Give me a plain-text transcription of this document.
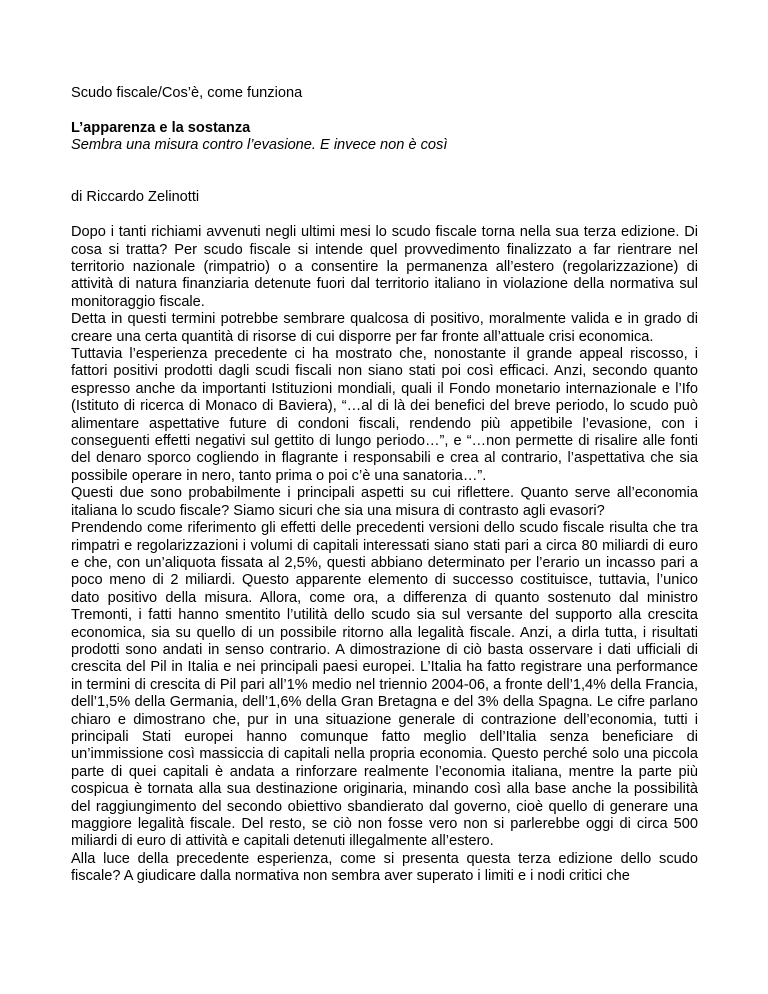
Scudo fiscale/Cos’è, come funziona

L’apparenza e la sostanza

Sembra una misura contro l’evasione. E invece non è così

di Riccardo Zelinotti

Dopo i tanti richiami avvenuti negli ultimi mesi lo scudo fiscale torna nella sua terza edizione. Di cosa si tratta? Per scudo fiscale si intende quel provvedimento finalizzato a far rientrare nel territorio nazionale (rimpatrio) o a consentire la permanenza all’estero (regolarizzazione) di attività di natura finanziaria detenute fuori dal territorio italiano in violazione della normativa sul monitoraggio fiscale.

Detta in questi termini potrebbe sembrare qualcosa di positivo, moralmente valida e in grado di creare una certa quantità di risorse di cui disporre per far fronte all’attuale crisi economica.

Tuttavia l’esperienza precedente ci ha mostrato che, nonostante il grande appeal riscosso, i fattori positivi prodotti dagli scudi fiscali non siano stati poi così efficaci. Anzi, secondo quanto espresso anche da importanti Istituzioni mondiali, quali il Fondo monetario internazionale e l’Ifo (Istituto di ricerca di Monaco di Baviera), “…al di là dei benefici del breve periodo, lo scudo può alimentare aspettative future di condoni fiscali, rendendo più appetibile l’evasione, con i conseguenti effetti negativi sul gettito di lungo periodo…”, e “…non permette di risalire alle fonti del denaro sporco cogliendo in flagrante i responsabili e crea al contrario, l’aspettativa che sia possibile operare in nero, tanto prima o poi c’è una sanatoria…”.

Questi due sono probabilmente i principali aspetti su cui riflettere. Quanto serve all’economia italiana lo scudo fiscale? Siamo sicuri che sia una misura di contrasto agli evasori?

Prendendo come riferimento gli effetti delle precedenti versioni dello scudo fiscale risulta che tra rimpatri e regolarizzazioni i volumi di capitali interessati siano stati pari a circa 80 miliardi di euro e che, con un’aliquota fissata al 2,5%, questi abbiano determinato per l’erario un incasso pari a poco meno di 2 miliardi. Questo apparente elemento di successo costituisce, tuttavia, l’unico dato positivo della misura. Allora, come ora, a differenza di quanto sostenuto dal ministro Tremonti, i fatti hanno smentito l’utilità dello scudo sia sul versante del supporto alla crescita economica, sia su quello di un possibile ritorno alla legalità fiscale. Anzi, a dirla tutta, i risultati prodotti sono andati in senso contrario. A dimostrazione di ciò basta osservare i dati ufficiali di crescita del Pil in Italia e nei principali paesi europei. L’Italia ha fatto registrare una performance in termini di crescita di Pil pari all’1% medio nel triennio 2004-06, a fronte dell’1,4% della Francia, dell’1,5% della Germania, dell’1,6% della Gran Bretagna e del 3% della Spagna. Le cifre parlano chiaro e dimostrano che, pur in una situazione generale di contrazione dell’economia, tutti i principali Stati europei hanno comunque fatto meglio dell’Italia senza beneficiare di un’immissione così massiccia di capitali nella propria economia. Questo perché solo una piccola parte di quei capitali è andata a rinforzare realmente l’economia italiana, mentre la parte più cospicua è tornata alla sua destinazione originaria, minando così alla base anche la possibilità del raggiungimento del secondo obiettivo sbandierato dal governo, cioè quello di generare una maggiore legalità fiscale. Del resto, se ciò non fosse vero non si parlerebbe oggi di circa 500 miliardi di euro di attività e capitali detenuti illegalmente all’estero.

Alla luce della precedente esperienza, come si presenta questa terza edizione dello scudo fiscale? A giudicare dalla normativa non sembra aver superato i limiti e i nodi critici che
